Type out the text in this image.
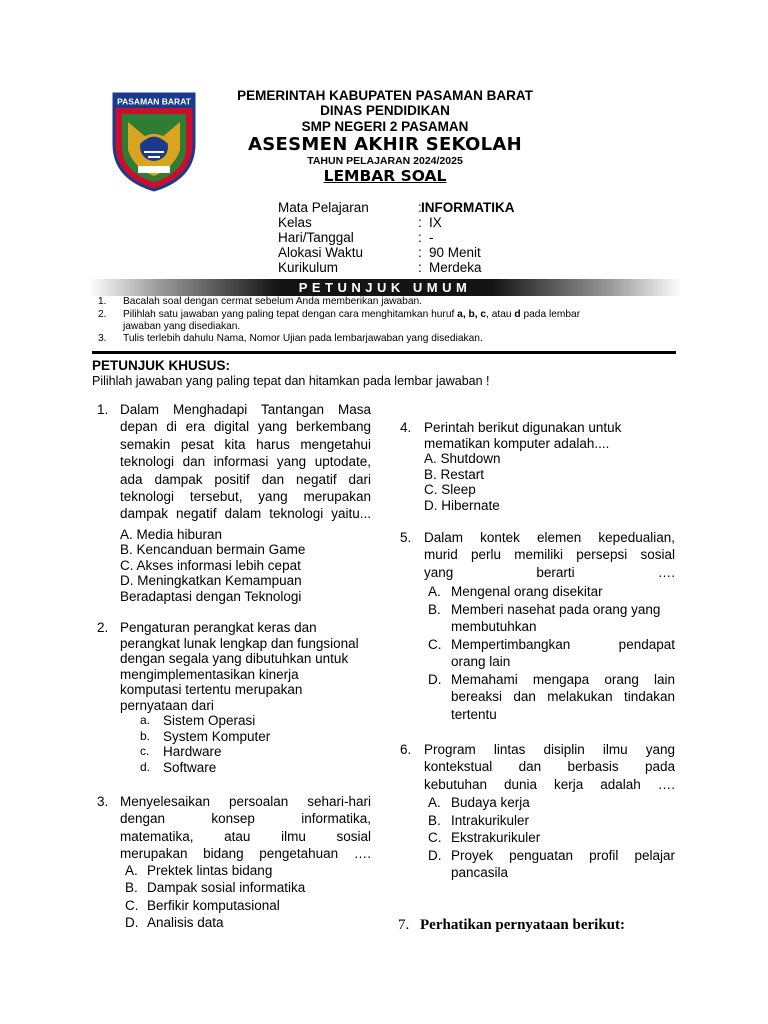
PASAMAN BARAT	PEMERINTAH KABUPATEN PASAMAN BARAT
DINAS PENDIDIKAN
SMP NEGERI 2 PASAMAN
ASESMEN AKHIR SEKOLAH
TAHUN PELAJARAN 2024/2025
LEMBAR SOAL
Mata Pelajaran	: INFORMATIKA
Kelas	: IX
Hari/Tanggal	: -
Alokasi Waktu	: 90 Menit
Kurikulum	: Merdeka
PETUNJUK UMUM
1. Bacalah soal dengan cermat sebelum Anda memberikan jawaban.
2. Pilihlah satu jawaban yang paling tepat dengan cara menghitamkan huruf a, b, c, atau d pada lembar
jawaban yang disediakan.
3. Tulis terlebih dahulu Nama, Nomor Ujian pada lembarjawaban yang disediakan.
PETUNJUK KHUSUS:
Pilihlah jawaban yang paling tepat dan hitamkan pada lembar jawaban !
1. Dalam Menghadapi Tantangan Masa
depan di era digital yang berkembang
semakin pesat kita harus mengetahui
teknologi dan informasi yang uptodate,
ada dampak positif dan negatif dari
teknologi tersebut, yang merupakan
dampak negatif dalam teknologi yaitu...
A. Media hiburan
B. Kencanduan bermain Game
C. Akses informasi lebih cepat
D. Meningkatkan Kemampuan
Beradaptasi dengan Teknologi
2. Pengaturan perangkat keras dan
perangkat lunak lengkap dan fungsional
dengan segala yang dibutuhkan untuk
mengimplementasikan kinerja
komputasi tertentu merupakan
pernyataan dari
a. Sistem Operasi
b. System Komputer
c. Hardware
d. Software
3. Menyelesaikan persoalan sehari-hari
dengan konsep informatika,
matematika, atau ilmu sosial
merupakan bidang pengetahuan ….
A. Prektek lintas bidang
B. Dampak sosial informatika
C. Berfikir komputasional
D. Analisis data
4. Perintah berikut digunakan untuk
mematikan komputer adalah....
A. Shutdown
B. Restart
C. Sleep
D. Hibernate
5. Dalam kontek elemen kepedualian,
murid perlu memiliki persepsi sosial
yang berarti ….
A. Mengenal orang disekitar
B. Memberi nasehat pada orang yang
membutuhkan
C. Mempertimbangkan pendapat
orang lain
D. Memahami mengapa orang lain
bereaksi dan melakukan tindakan
tertentu
6. Program lintas disiplin ilmu yang
kontekstual dan berbasis pada
kebutuhan dunia kerja adalah ….
A. Budaya kerja
B. Intrakurikuler
C. Ekstrakurikuler
D. Proyek penguatan profil pelajar
pancasila
7. Perhatikan pernyataan berikut:
